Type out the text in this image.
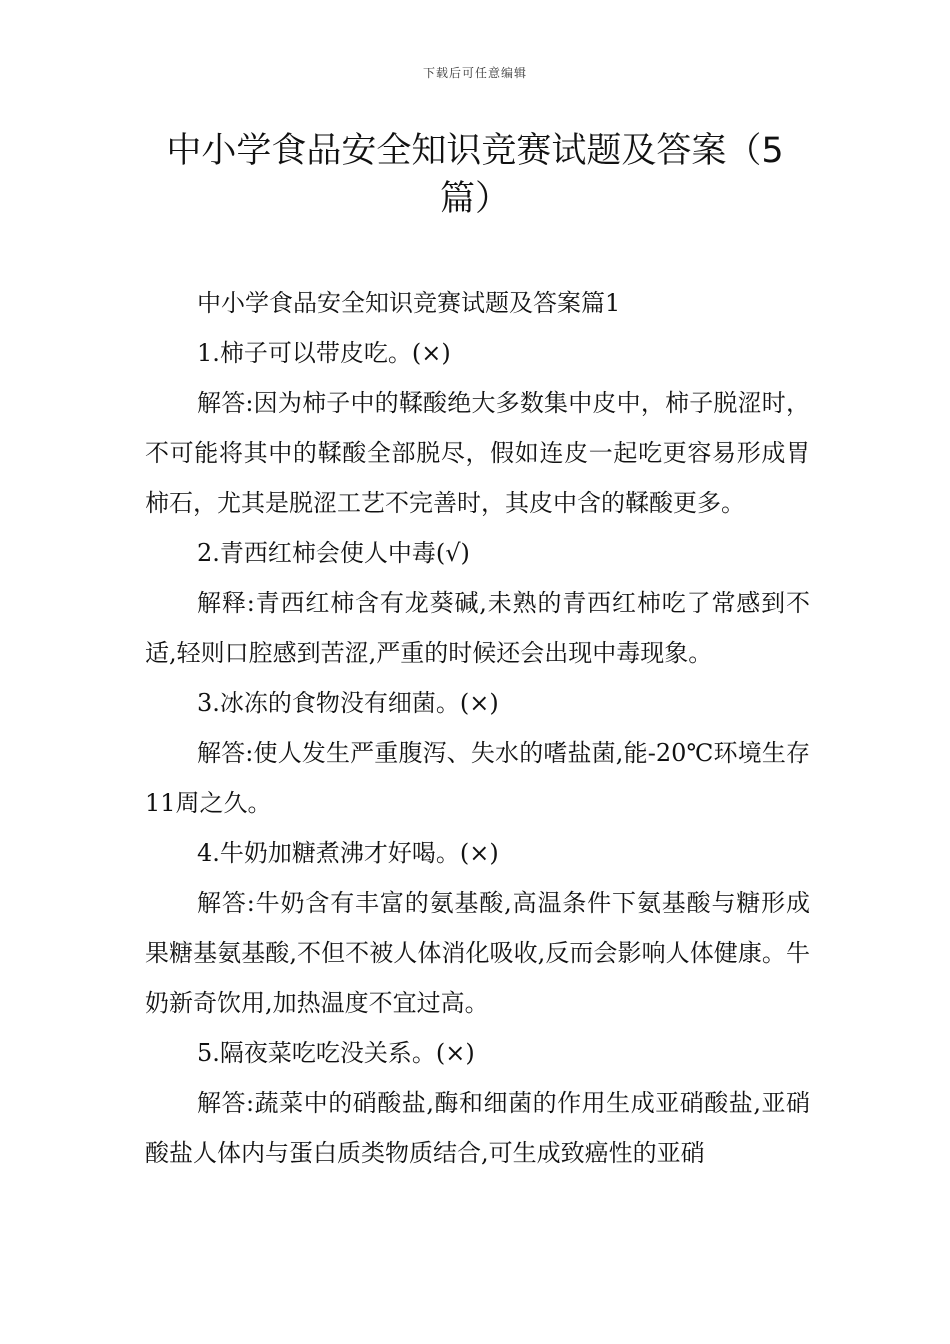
下载后可任意编辑
中小学食品安全知识竞赛试题及答案（5篇）

中小学食品安全知识竞赛试题及答案篇1

1.柿子可以带皮吃。(×)

解答:因为柿子中的鞣酸绝大多数集中皮中，柿子脱涩时，不可能将其中的鞣酸全部脱尽，假如连皮一起吃更容易形成胃柿石，尤其是脱涩工艺不完善时，其皮中含的鞣酸更多。

2.青西红柿会使人中毒(√)

解释:青西红柿含有龙葵碱,未熟的青西红柿吃了常感到不适,轻则口腔感到苦涩,严重的时候还会出现中毒现象。

3.冰冻的食物没有细菌。(×)

解答:使人发生严重腹泻、失水的嗜盐菌,能-20℃环境生存11周之久。

4.牛奶加糖煮沸才好喝。(×)

解答:牛奶含有丰富的氨基酸,高温条件下氨基酸与糖形成果糖基氨基酸,不但不被人体消化吸收,反而会影响人体健康。牛奶新奇饮用,加热温度不宜过高。

5.隔夜菜吃吃没关系。(×)

解答:蔬菜中的硝酸盐,酶和细菌的作用生成亚硝酸盐,亚硝酸盐人体内与蛋白质类物质结合,可生成致癌性的亚硝
